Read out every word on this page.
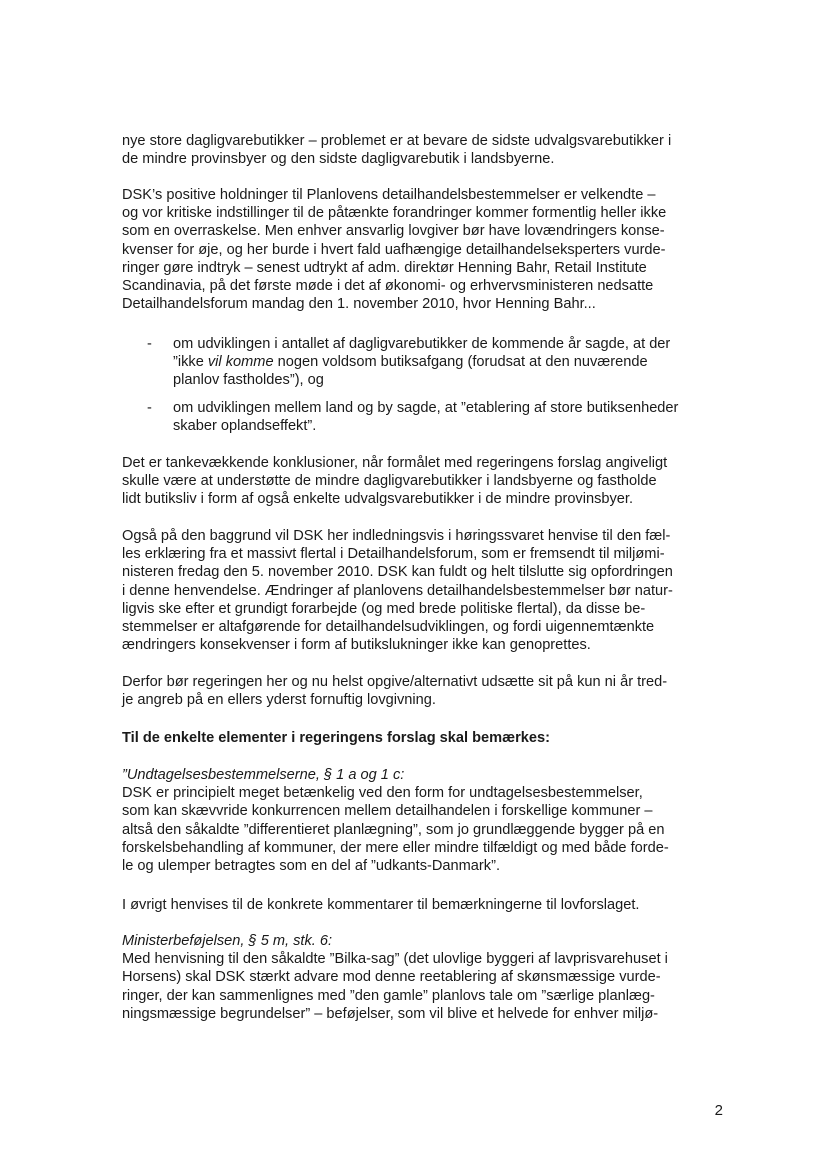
nye store dagligvarebutikker – problemet er at bevare de sidste udvalgsvarebutikker i
de mindre provinsbyer og den sidste dagligvarebutik i landsbyerne.
DSK’s positive holdninger til Planlovens detailhandelsbestemmelser er velkendte –
og vor kritiske indstillinger til de påtænkte forandringer kommer formentlig heller ikke
som en overraskelse. Men enhver ansvarlig lovgiver bør have lovændringers konse-
kvenser for øje, og her burde i hvert fald uafhængige detailhandelseksperters vurde-
ringer gøre indtryk – senest udtrykt af adm. direktør Henning Bahr, Retail Institute
Scandinavia, på det første møde i det af økonomi- og erhvervsministeren nedsatte
Detailhandelsforum mandag den 1. november 2010, hvor Henning Bahr...
- om udviklingen i antallet af dagligvarebutikker de kommende år sagde, at der
”ikke vil komme nogen voldsom butiksafgang (forudsat at den nuværende
planlov fastholdes”), og
- om udviklingen mellem land og by sagde, at ”etablering af store butiksenheder
skaber oplandseffekt”.
Det er tankevækkende konklusioner, når formålet med regeringens forslag angiveligt
skulle være at understøtte de mindre dagligvarebutikker i landsbyerne og fastholde
lidt butiksliv i form af også enkelte udvalgsvarebutikker i de mindre provinsbyer.
Også på den baggrund vil DSK her indledningsvis i høringssvaret henvise til den fæl-
les erklæring fra et massivt flertal i Detailhandelsforum, som er fremsendt til miljømi-
nisteren fredag den 5. november 2010. DSK kan fuldt og helt tilslutte sig opfordringen
i denne henvendelse. Ændringer af planlovens detailhandelsbestemmelser bør natur-
ligvis ske efter et grundigt forarbejde (og med brede politiske flertal), da disse be-
stemmelser er altafgørende for detailhandelsudviklingen, og fordi uigennemtænkte
ændringers konsekvenser i form af butikslukninger ikke kan genoprettes.
Derfor bør regeringen her og nu helst opgive/alternativt udsætte sit på kun ni år tred-
je angreb på en ellers yderst fornuftig lovgivning.
Til de enkelte elementer i regeringens forslag skal bemærkes:
”Undtagelsesbestemmelserne, § 1 a og 1 c:
DSK er principielt meget betænkelig ved den form for undtagelsesbestemmelser,
som kan skævvride konkurrencen mellem detailhandelen i forskellige kommuner –
altså den såkaldte ”differentieret planlægning”, som jo grundlæggende bygger på en
forskelsbehandling af kommuner, der mere eller mindre tilfældigt og med både forde-
le og ulemper betragtes som en del af ”udkants-Danmark”.
I øvrigt henvises til de konkrete kommentarer til bemærkningerne til lovforslaget.
Ministerbeføjelsen, § 5 m, stk. 6:
Med henvisning til den såkaldte ”Bilka-sag” (det ulovlige byggeri af lavprisvarehuset i
Horsens) skal DSK stærkt advare mod denne reetablering af skønsmæssige vurde-
ringer, der kan sammenlignes med ”den gamle” planlovs tale om ”særlige planlæg-
ningsmæssige begrundelser” – beføjelser, som vil blive et helvede for enhver miljø-
2
